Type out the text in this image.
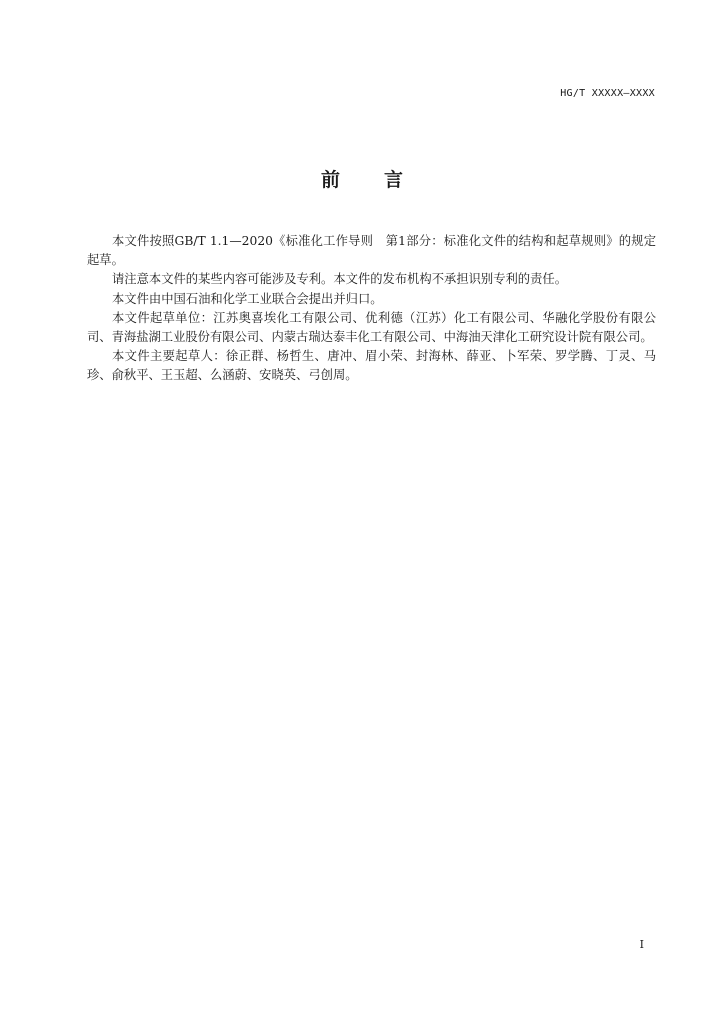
HG/T XXXXX—XXXX
前 言

本文件按照GB/T 1.1—2020《标准化工作导则　第1部分：标准化文件的结构和起草规则》的规定起草。

请注意本文件的某些内容可能涉及专利。本文件的发布机构不承担识别专利的责任。

本文件由中国石油和化学工业联合会提出并归口。

本文件起草单位：江苏奥喜埃化工有限公司、优利德（江苏）化工有限公司、华融化学股份有限公司、青海盐湖工业股份有限公司、内蒙古瑞达泰丰化工有限公司、中海油天津化工研究设计院有限公司。

本文件主要起草人：徐正群、杨哲生、唐冲、眉小荣、封海林、薛亚、卜军荣、罗学腾、丁灵、马珍、俞秋平、王玉超、么涵蔚、安晓英、弓创周。

I
